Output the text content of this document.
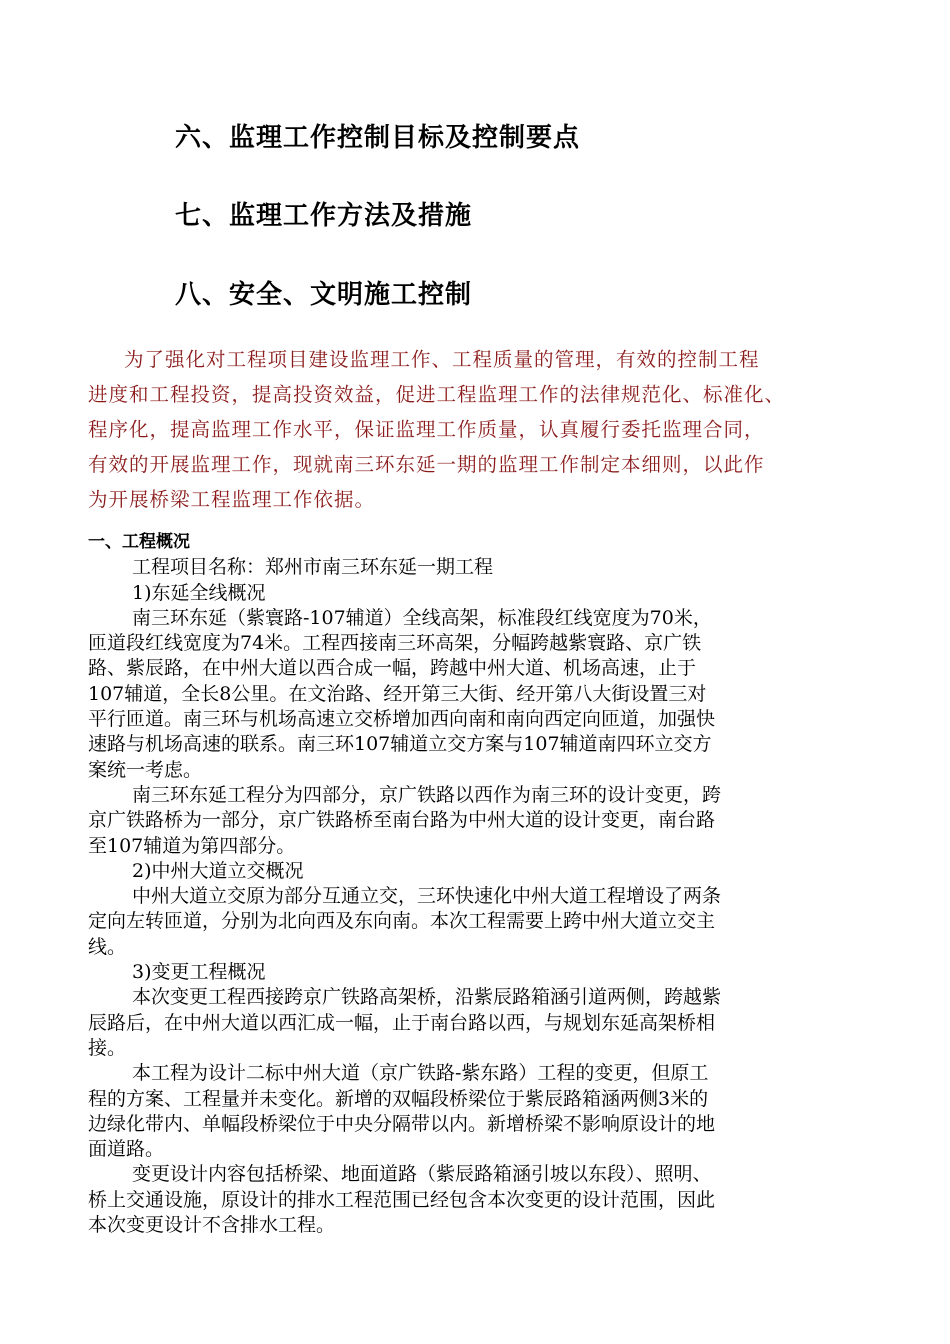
六、监理工作控制目标及控制要点
七、监理工作方法及措施
八、安全、文明施工控制

为了强化对工程项目建设监理工作、工程质量的管理，有效的控制工程

进度和工程投资，提高投资效益，促进工程监理工作的法律规范化、标准化、

程序化，提高监理工作水平，保证监理工作质量，认真履行委托监理合同，

有效的开展监理工作，现就南三环东延一期的监理工作制定本细则，以此作

为开展桥梁工程监理工作依据。

一、工程概况

工程项目名称：郑州市南三环东延一期工程

1)东延全线概况

南三环东延（紫寰路-107辅道）全线高架，标准段红线宽度为70米，

匝道段红线宽度为74米。工程西接南三环高架，分幅跨越紫寰路、京广铁

路、紫辰路，在中州大道以西合成一幅，跨越中州大道、机场高速，止于

107辅道，全长8公里。在文治路、经开第三大街、经开第八大街设置三对

平行匝道。南三环与机场高速立交桥增加西向南和南向西定向匝道，加强快

速路与机场高速的联系。南三环107辅道立交方案与107辅道南四环立交方

案统一考虑。

南三环东延工程分为四部分，京广铁路以西作为南三环的设计变更，跨

京广铁路桥为一部分，京广铁路桥至南台路为中州大道的设计变更，南台路

至107辅道为第四部分。

2)中州大道立交概况

中州大道立交原为部分互通立交，三环快速化中州大道工程增设了两条

定向左转匝道，分别为北向西及东向南。本次工程需要上跨中州大道立交主

线。

3)变更工程概况

本次变更工程西接跨京广铁路高架桥，沿紫辰路箱涵引道两侧，跨越紫

辰路后，在中州大道以西汇成一幅，止于南台路以西，与规划东延高架桥相

接。

本工程为设计二标中州大道（京广铁路-紫东路）工程的变更，但原工

程的方案、工程量并未变化。新增的双幅段桥梁位于紫辰路箱涵两侧3米的

边绿化带内、单幅段桥梁位于中央分隔带以内。新增桥梁不影响原设计的地

面道路。

变更设计内容包括桥梁、地面道路（紫辰路箱涵引坡以东段）、照明、

桥上交通设施，原设计的排水工程范围已经包含本次变更的设计范围，因此

本次变更设计不含排水工程。
